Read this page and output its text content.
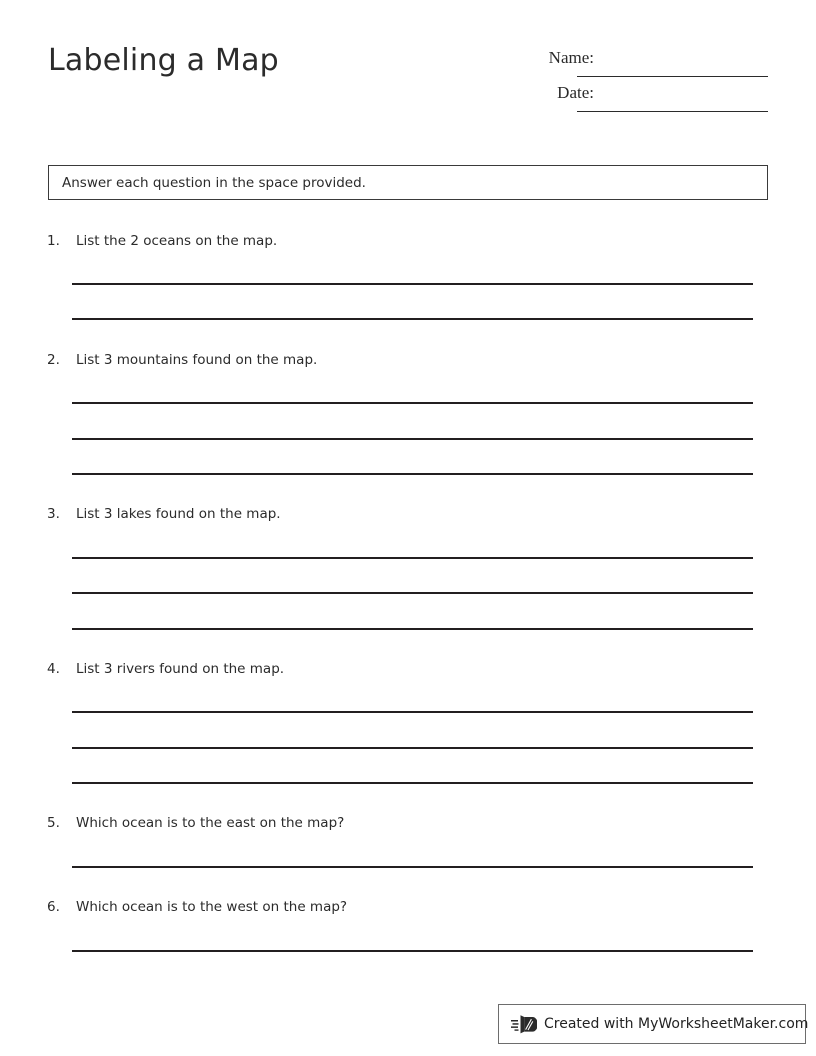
Labeling a Map	Name:
Date:
Answer each question in the space provided.
1. List the 2 oceans on the map.
2. List 3 mountains found on the map.
3. List 3 lakes found on the map.
4. List 3 rivers found on the map.
5. Which ocean is to the east on the map?
6. Which ocean is to the west on the map?
Created with MyWorksheetMaker.com
